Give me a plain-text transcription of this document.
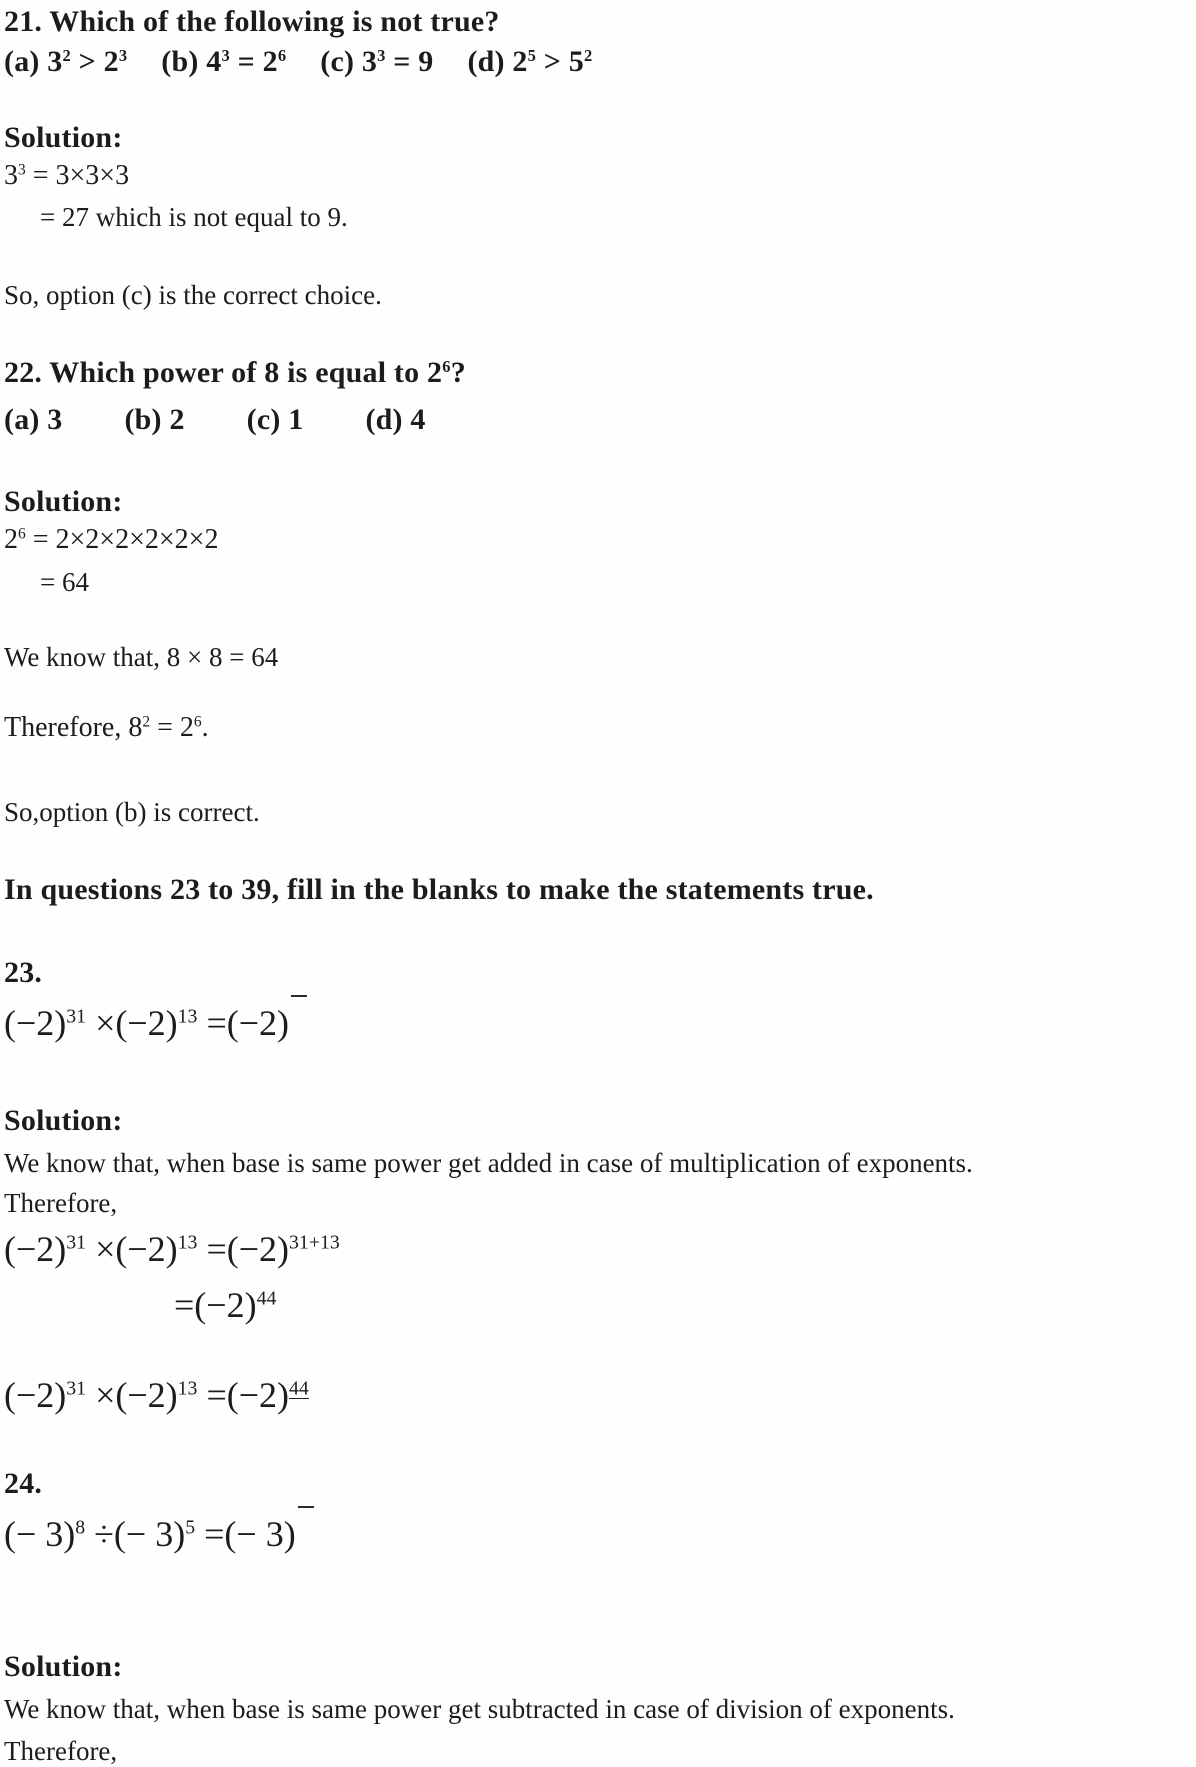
21. Which of the following is not true?
(a) $3^2 > 2^3$ (b) $4^3 = 2^6$ (c) $3^3 = 9$ (d) $2^5 > 5^2$
Solution:
$3^3 = 3\times 3\times 3$
= 27 which is not equal to 9.
So, option (c) is the correct choice.
22. Which power of 8 is equal to $2^6$?
(a) 3 (b) 2 (c) 1 (d) 4
Solution:
$2^6 = 2\times 2\times 2\times 2\times 2\times 2$
= 64
We know that, 8 × 8 = 64
Therefore, $8^2 = 2^6$.
So,option (b) is correct.
In questions 23 to 39, fill in the blanks to make the statements true.
23.
$(-2)^{31} \times(-2)^{13} =(-2)$
Solution:
We know that, when base is same power get added in case of multiplication of exponents.
Therefore,
$(-2)^{31} \times(-2)^{13} =(-2)^{31+13}$
$=(-2)^{44}$
$(-2)^{31} \times(-2)^{13} =(-2)^{44}$
24.
(− 3)$^8$ ÷(− 3)$^5$ =(− 3)
Solution:
We know that, when base is same power get subtracted in case of division of exponents.
Therefore,
